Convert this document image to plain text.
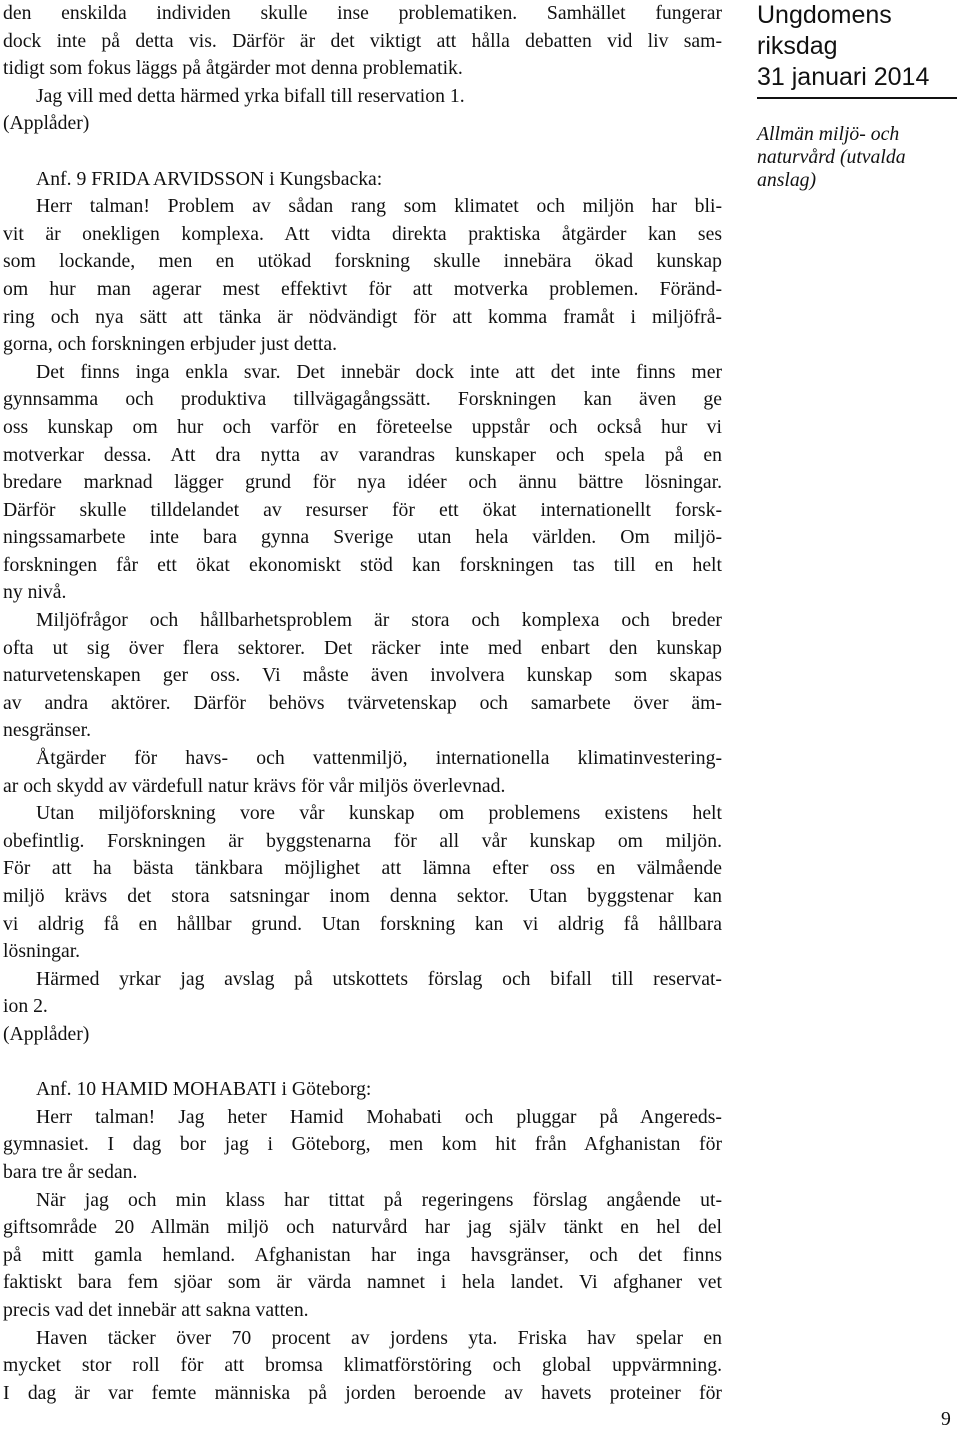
den enskilda individen skulle inse problematiken. Samhället fungerar
dock inte på detta vis. Därför är det viktigt att hålla debatten vid liv sam-
tidigt som fokus läggs på åtgärder mot denna problematik.
Jag vill med detta härmed yrka bifall till reservation 1.
(Applåder)
Anf. 9 FRIDA ARVIDSSON i Kungsbacka:
Herr talman! Problem av sådan rang som klimatet och miljön har bli-
vit är onekligen komplexa. Att vidta direkta praktiska åtgärder kan ses
som lockande, men en utökad forskning skulle innebära ökad kunskap
om hur man agerar mest effektivt för att motverka problemen. Föränd-
ring och nya sätt att tänka är nödvändigt för att komma framåt i miljöfrå-
gorna, och forskningen erbjuder just detta.
Det finns inga enkla svar. Det innebär dock inte att det inte finns mer
gynnsamma och produktiva tillvägagångssätt. Forskningen kan även ge
oss kunskap om hur och varför en företeelse uppstår och också hur vi
motverkar dessa. Att dra nytta av varandras kunskaper och spela på en
bredare marknad lägger grund för nya idéer och ännu bättre lösningar.
Därför skulle tilldelandet av resurser för ett ökat internationellt forsk-
ningssamarbete inte bara gynna Sverige utan hela världen. Om miljö-
forskningen får ett ökat ekonomiskt stöd kan forskningen tas till en helt
ny nivå.
Miljöfrågor och hållbarhetsproblem är stora och komplexa och breder
ofta ut sig över flera sektorer. Det räcker inte med enbart den kunskap
naturvetenskapen ger oss. Vi måste även involvera kunskap som skapas
av andra aktörer. Därför behövs tvärvetenskap och samarbete över äm-
nesgränser.
Åtgärder för havs- och vattenmiljö, internationella klimatinvestering-
ar och skydd av värdefull natur krävs för vår miljös överlevnad.
Utan miljöforskning vore vår kunskap om problemens existens helt
obefintlig. Forskningen är byggstenarna för all vår kunskap om miljön.
För att ha bästa tänkbara möjlighet att lämna efter oss en välmående
miljö krävs det stora satsningar inom denna sektor. Utan byggstenar kan
vi aldrig få en hållbar grund. Utan forskning kan vi aldrig få hållbara
lösningar.
Härmed yrkar jag avslag på utskottets förslag och bifall till reservat-
ion 2.
(Applåder)
Anf. 10 HAMID MOHABATI i Göteborg:
Herr talman! Jag heter Hamid Mohabati och pluggar på Angereds-
gymnasiet. I dag bor jag i Göteborg, men kom hit från Afghanistan för
bara tre år sedan.
När jag och min klass har tittat på regeringens förslag angående ut-
giftsområde 20 Allmän miljö och naturvård har jag själv tänkt en hel del
på mitt gamla hemland. Afghanistan har inga havsgränser, och det finns
faktiskt bara fem sjöar som är värda namnet i hela landet. Vi afghaner vet
precis vad det innebär att sakna vatten.
Haven täcker över 70 procent av jordens yta. Friska hav spelar en
mycket stor roll för att bromsa klimatförstöring och global uppvärmning.
I dag är var femte människa på jorden beroende av havets proteiner för
Ungdomens
riksdag
31 januari 2014
Allmän miljö- och
naturvård (utvalda
anslag)
9
